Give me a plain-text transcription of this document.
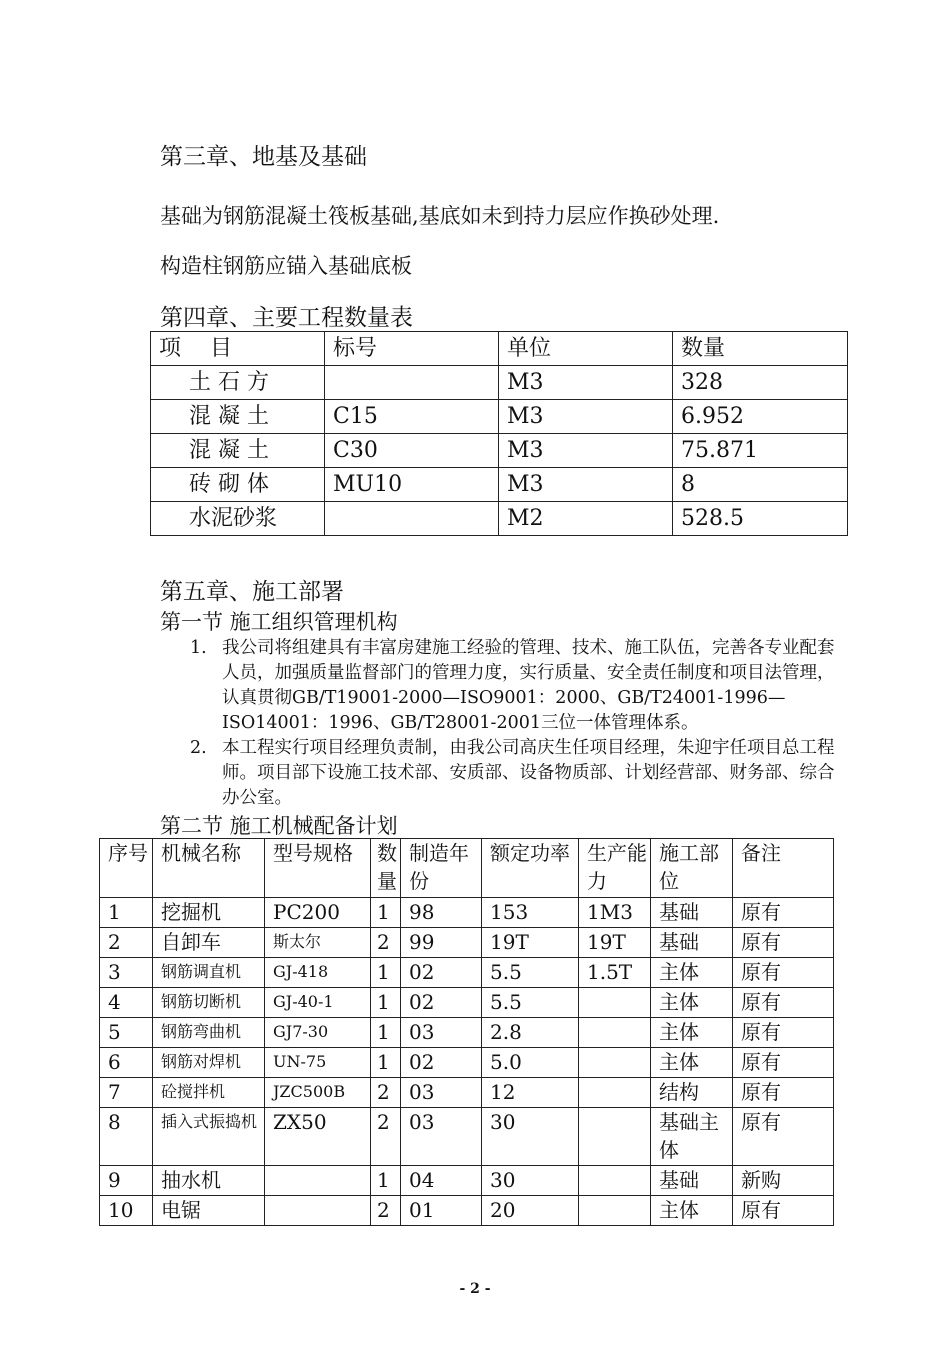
第三章、地基及基础
基础为钢筋混凝土筏板基础,基底如未到持力层应作换砂处理.
构造柱钢筋应锚入基础底板
第四章、主要工程数量表
项　 目	标号	单位	数量
土 石 方		M3	328
混 凝 土	C15	M3	6.952
混 凝 土	C30	M3	75.871
砖 砌 体	MU10	M3	8
水泥砂浆		M2	528.5
第五章、施工部署
第一节 施工组织管理机构
1. 我公司将组建具有丰富房建施工经验的管理、技术、施工队伍，完善各专业配套人员，加强质量监督部门的管理力度，实行质量、安全责任制度和项目法管理，认真贯彻GB/T19001-2000—ISO9001：2000、GB/T24001-1996—ISO14001：1996、GB/T28001-2001三位一体管理体系。
2. 本工程实行项目经理负责制，由我公司高庆生任项目经理，朱迎宇任项目总工程师。项目部下设施工技术部、安质部、设备物质部、计划经营部、财务部、综合办公室。
第二节 施工机械配备计划
序号	机械名称	型号规格	数量	制造年份	额定功率	生产能力	施工部位	备注
1	挖掘机	PC200	1	98	153	1M3	基础	原有
2	自卸车	斯太尔	2	99	19T	19T	基础	原有
3	钢筋调直机	GJ-418	1	02	5.5	1.5T	主体	原有
4	钢筋切断机	GJ-40-1	1	02	5.5		主体	原有
5	钢筋弯曲机	GJ7-30	1	03	2.8		主体	原有
6	钢筋对焊机	UN-75	1	02	5.0		主体	原有
7	砼搅拌机	JZC500B	2	03	12		结构	原有
8	插入式振捣机	ZX50	2	03	30		基础主体	原有
9	抽水机		1	04	30		基础	新购
10	电锯		2	01	20		主体	原有
- 2 -
